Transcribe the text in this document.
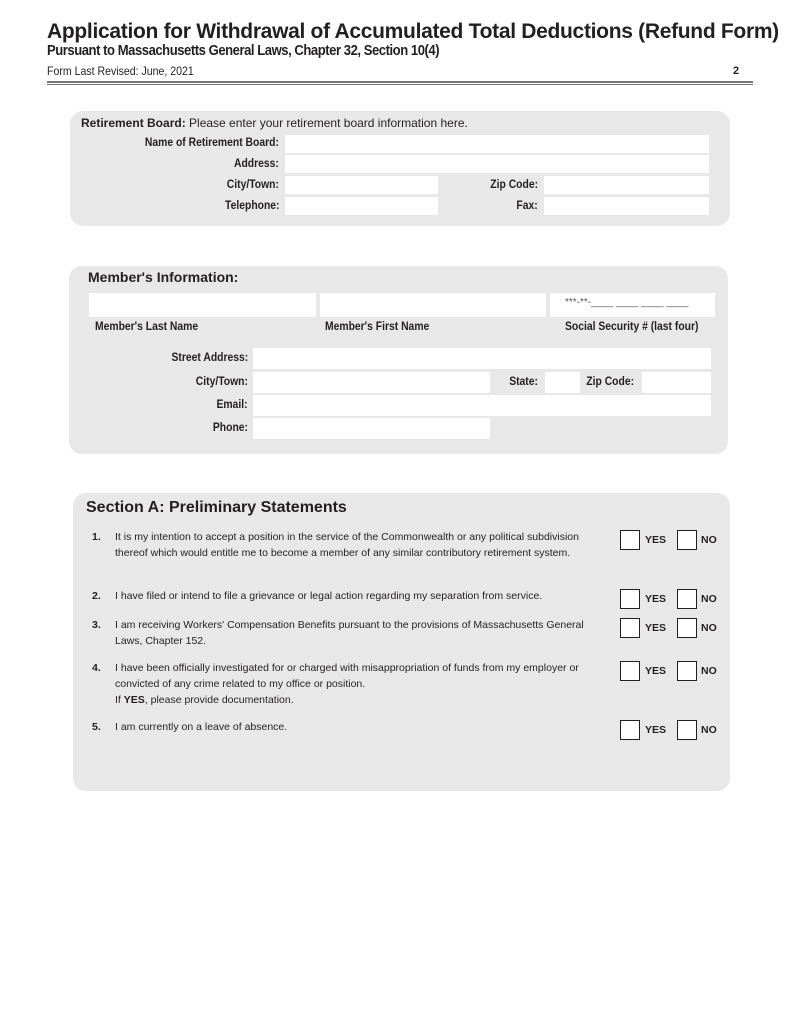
Application for Withdrawal of Accumulated Total Deductions (Refund Form)
Pursuant to Massachusetts General Laws, Chapter 32, Section 10(4)
Form Last Revised: June, 2021	2
Retirement Board: Please enter your retirement board information here.
Name of Retirement Board:
Address:
City/Town:	Zip Code:
Telephone:	Fax:
Member's Information:
***-**-____ ____ ____ ____
Member's Last Name	Member's First Name	Social Security # (last four)
Street Address:
City/Town:	State:	Zip Code:
Email:
Phone:
Section A: Preliminary Statements
1. It is my intention to accept a position in the service of the Commonwealth or any political subdivision thereof which would entitle me to become a member of any similar contributory retirement system.
YES	NO
2. I have filed or intend to file a grievance or legal action regarding my separation from service.	YES	NO
3. I am receiving Workers' Compensation Benefits pursuant to the provisions of Massachusetts General Laws, Chapter 152.
YES	NO
4. I have been officially investigated for or charged with misappropriation of funds from my employer or convicted of any crime related to my office or position.
If YES, please provide documentation.
YES	NO
5. I am currently on a leave of absence.	YES	NO
